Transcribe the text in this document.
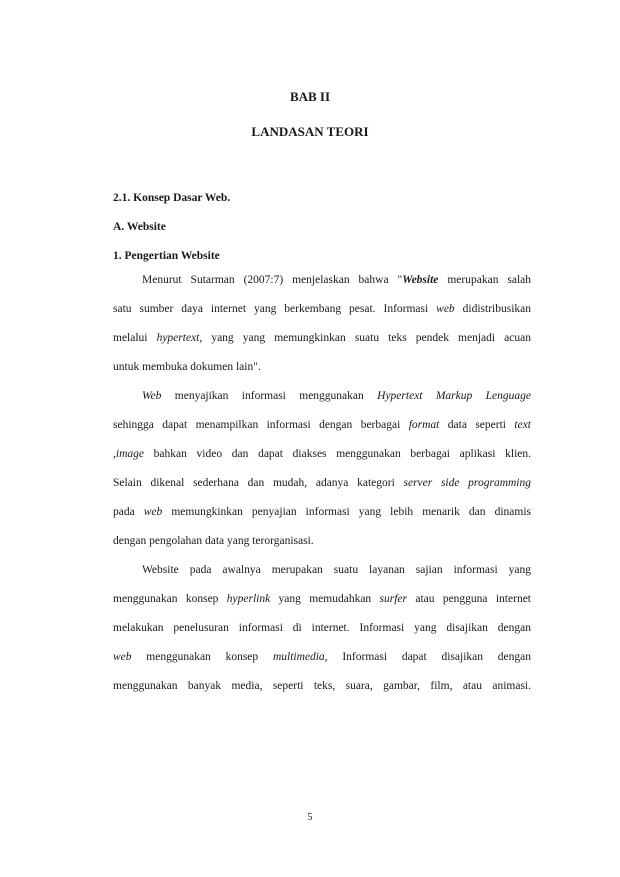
BAB II
LANDASAN TEORI
2.1. Konsep Dasar Web.
A. Website
1. Pengertian Website
Menurut Sutarman (2007:7) menjelaskan bahwa "Website merupakan salah
satu sumber daya internet yang berkembang pesat. Informasi web didistribusikan
melalui hypertext, yang yang memungkinkan suatu teks pendek menjadi acuan
untuk membuka dokumen lain".
Web menyajikan informasi menggunakan Hypertext Markup Lenguage
sehingga dapat menampilkan informasi dengan berbagai format data seperti text
,image bahkan video dan dapat diakses menggunakan berbagai aplikasi klien.
Selain dikenal sederhana dan mudah, adanya kategori server side programming
pada web memungkinkan penyajian informasi yang lebih menarik dan dinamis
dengan pengolahan data yang terorganisasi.
Website pada awalnya merupakan suatu layanan sajian informasi yang
menggunakan konsep hyperlink yang memudahkan surfer atau pengguna internet
melakukan penelusuran informasi di internet. Informasi yang disajikan dengan
web menggunakan konsep multimedia, Informasi dapat disajikan dengan
menggunakan banyak media, seperti teks, suara, gambar, film, atau animasi.
5
